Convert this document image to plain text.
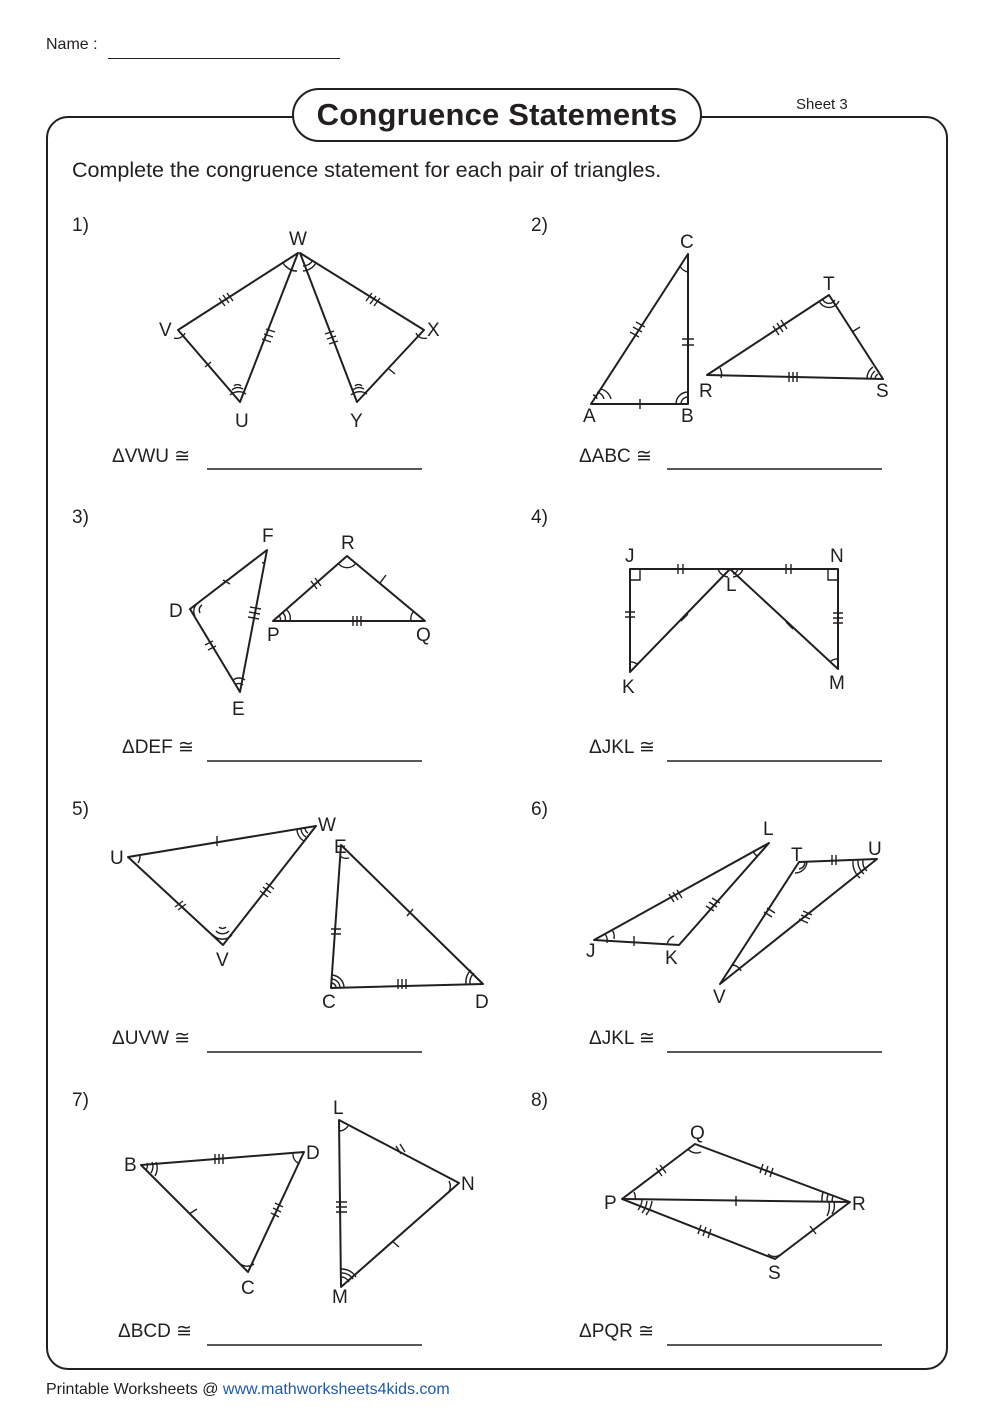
Name :
Congruence Statements	Sheet 3
Complete the congruence statement for each pair of triangles.
1)	2)
3)	4)
5)	6)
7)	8)
W
V	X
U	Y
C
A	B
T
R	S
F
D
E
R
P	Q
J	N
L
K	M
U
W
V
E
C	D
L
J	K
T	U
V
L
B
D
N
C	M
Q
P	R
S
ΔVWU ≅	ΔABC ≅
ΔDEF ≅	ΔJKL ≅
ΔUVW ≅	ΔJKL ≅
ΔBCD ≅	ΔPQR ≅
Printable Worksheets @ www.mathworksheets4kids.com
